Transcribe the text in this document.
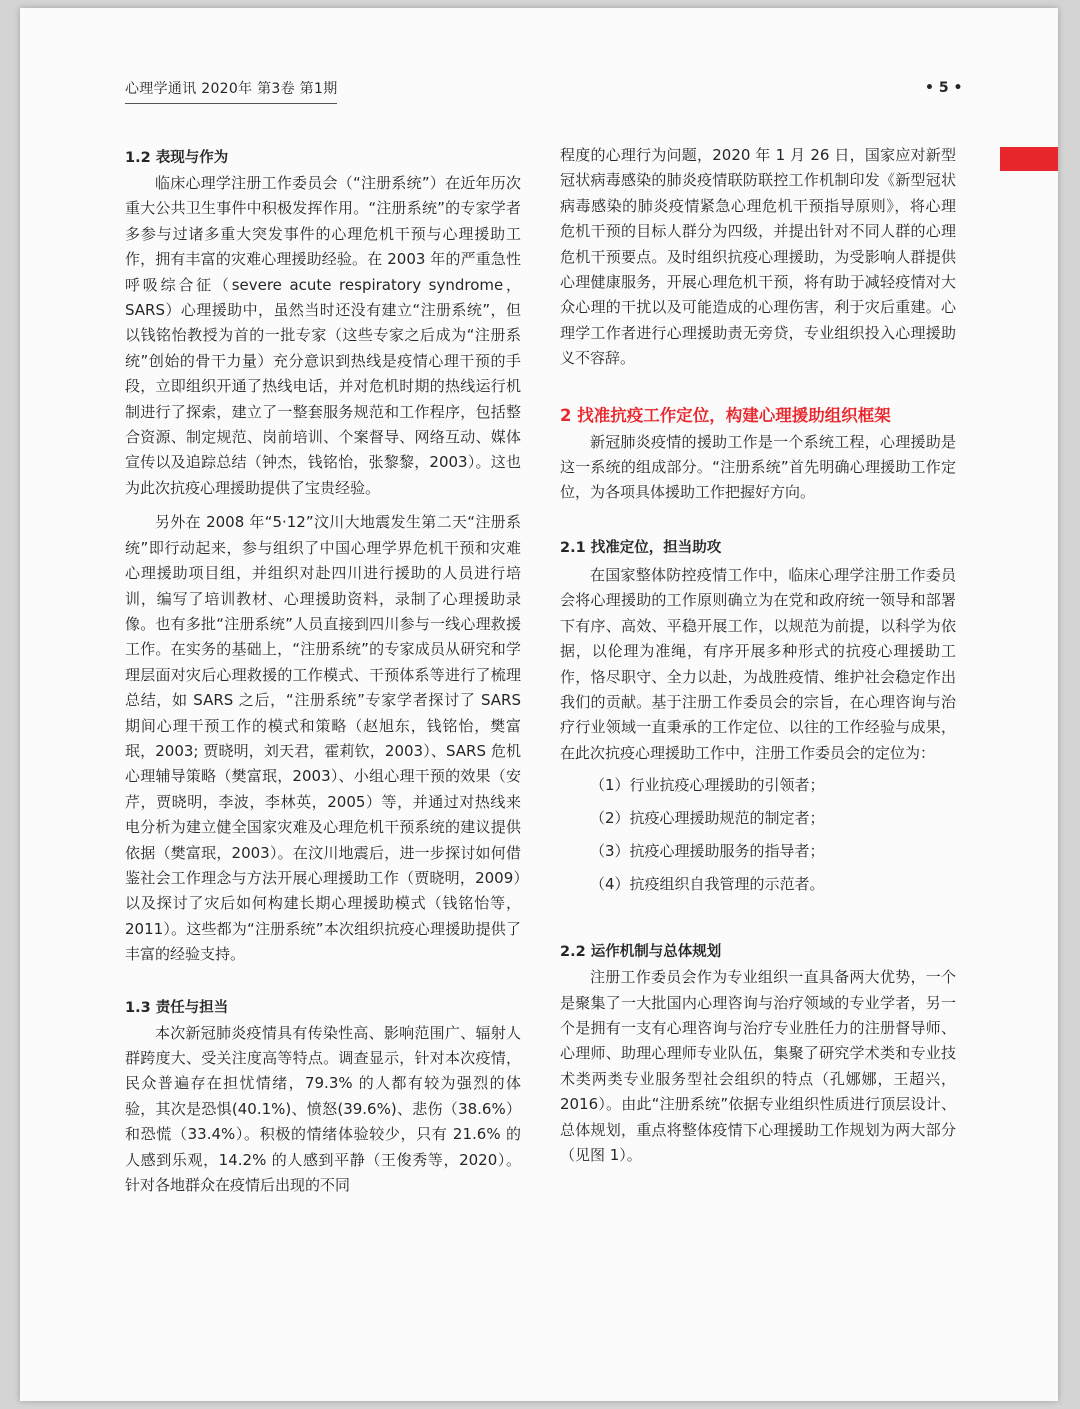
心理学通讯 2020年 第3卷 第1期	• 5 •
1.2 表现与作为

临床心理学注册工作委员会（“注册系统”）在近年历次重大公共卫生事件中积极发挥作用。“注册系统”的专家学者多参与过诸多重大突发事件的心理危机干预与心理援助工作，拥有丰富的灾难心理援助经验。在 2003 年的严重急性呼吸综合征（severe acute respiratory syndrome，SARS）心理援助中，虽然当时还没有建立“注册系统”，但以钱铭怡教授为首的一批专家（这些专家之后成为“注册系统”创始的骨干力量）充分意识到热线是疫情心理干预的手段，立即组织开通了热线电话，并对危机时期的热线运行机制进行了探索，建立了一整套服务规范和工作程序，包括整合资源、制定规范、岗前培训、个案督导、网络互动、媒体宣传以及追踪总结（钟杰，钱铭怡，张黎黎，2003）。这也为此次抗疫心理援助提供了宝贵经验。

另外在 2008 年“5·12”汶川大地震发生第二天“注册系统”即行动起来，参与组织了中国心理学界危机干预和灾难心理援助项目组，并组织对赴四川进行援助的人员进行培训，编写了培训教材、心理援助资料，录制了心理援助录像。也有多批“注册系统”人员直接到四川参与一线心理救援工作。在实务的基础上，“注册系统”的专家成员从研究和学理层面对灾后心理救援的工作模式、干预体系等进行了梳理总结，如 SARS 之后，“注册系统”专家学者探讨了 SARS 期间心理干预工作的模式和策略（赵旭东，钱铭怡，樊富珉，2003; 贾晓明，刘天君，霍莉钦，2003）、SARS 危机心理辅导策略（樊富珉，2003）、小组心理干预的效果（安芹，贾晓明，李波，李林英，2005）等，并通过对热线来电分析为建立健全国家灾难及心理危机干预系统的建议提供依据（樊富珉，2003）。在汶川地震后，进一步探讨如何借鉴社会工作理念与方法开展心理援助工作（贾晓明，2009）以及探讨了灾后如何构建长期心理援助模式（钱铭怡等，2011）。这些都为“注册系统”本次组织抗疫心理援助提供了丰富的经验支持。

1.3 责任与担当

本次新冠肺炎疫情具有传染性高、影响范围广、辐射人群跨度大、受关注度高等特点。调查显示，针对本次疫情，民众普遍存在担忧情绪，79.3% 的人都有较为强烈的体验，其次是恐惧(40.1%)、愤怒(39.6%)、悲伤（38.6%）和恐慌（33.4%）。积极的情绪体验较少，只有 21.6% 的人感到乐观，14.2% 的人感到平静（王俊秀等，2020）。针对各地群众在疫情后出现的不同

程度的心理行为问题，2020 年 1 月 26 日，国家应对新型冠状病毒感染的肺炎疫情联防联控工作机制印发《新型冠状病毒感染的肺炎疫情紧急心理危机干预指导原则》，将心理危机干预的目标人群分为四级，并提出针对不同人群的心理危机干预要点。及时组织抗疫心理援助，为受影响人群提供心理健康服务，开展心理危机干预，将有助于减轻疫情对大众心理的干扰以及可能造成的心理伤害，利于灾后重建。心理学工作者进行心理援助责无旁贷，专业组织投入心理援助义不容辞。

2 找准抗疫工作定位，构建心理援助组织框架

新冠肺炎疫情的援助工作是一个系统工程，心理援助是这一系统的组成部分。“注册系统”首先明确心理援助工作定位，为各项具体援助工作把握好方向。

2.1 找准定位，担当助攻

在国家整体防控疫情工作中，临床心理学注册工作委员会将心理援助的工作原则确立为在党和政府统一领导和部署下有序、高效、平稳开展工作，以规范为前提，以科学为依据，以伦理为准绳，有序开展多种形式的抗疫心理援助工作，恪尽职守、全力以赴，为战胜疫情、维护社会稳定作出我们的贡献。基于注册工作委员会的宗旨，在心理咨询与治疗行业领域一直秉承的工作定位、以往的工作经验与成果，在此次抗疫心理援助工作中，注册工作委员会的定位为：

（1）行业抗疫心理援助的引领者；
（2）抗疫心理援助规范的制定者；
（3）抗疫心理援助服务的指导者；
（4）抗疫组织自我管理的示范者。
2.2 运作机制与总体规划

注册工作委员会作为专业组织一直具备两大优势，一个是聚集了一大批国内心理咨询与治疗领域的专业学者，另一个是拥有一支有心理咨询与治疗专业胜任力的注册督导师、心理师、助理心理师专业队伍，集聚了研究学术类和专业技术类两类专业服务型社会组织的特点（孔娜娜，王超兴，2016）。由此“注册系统”依据专业组织性质进行顶层设计、总体规划，重点将整体疫情下心理援助工作规划为两大部分（见图 1）。
